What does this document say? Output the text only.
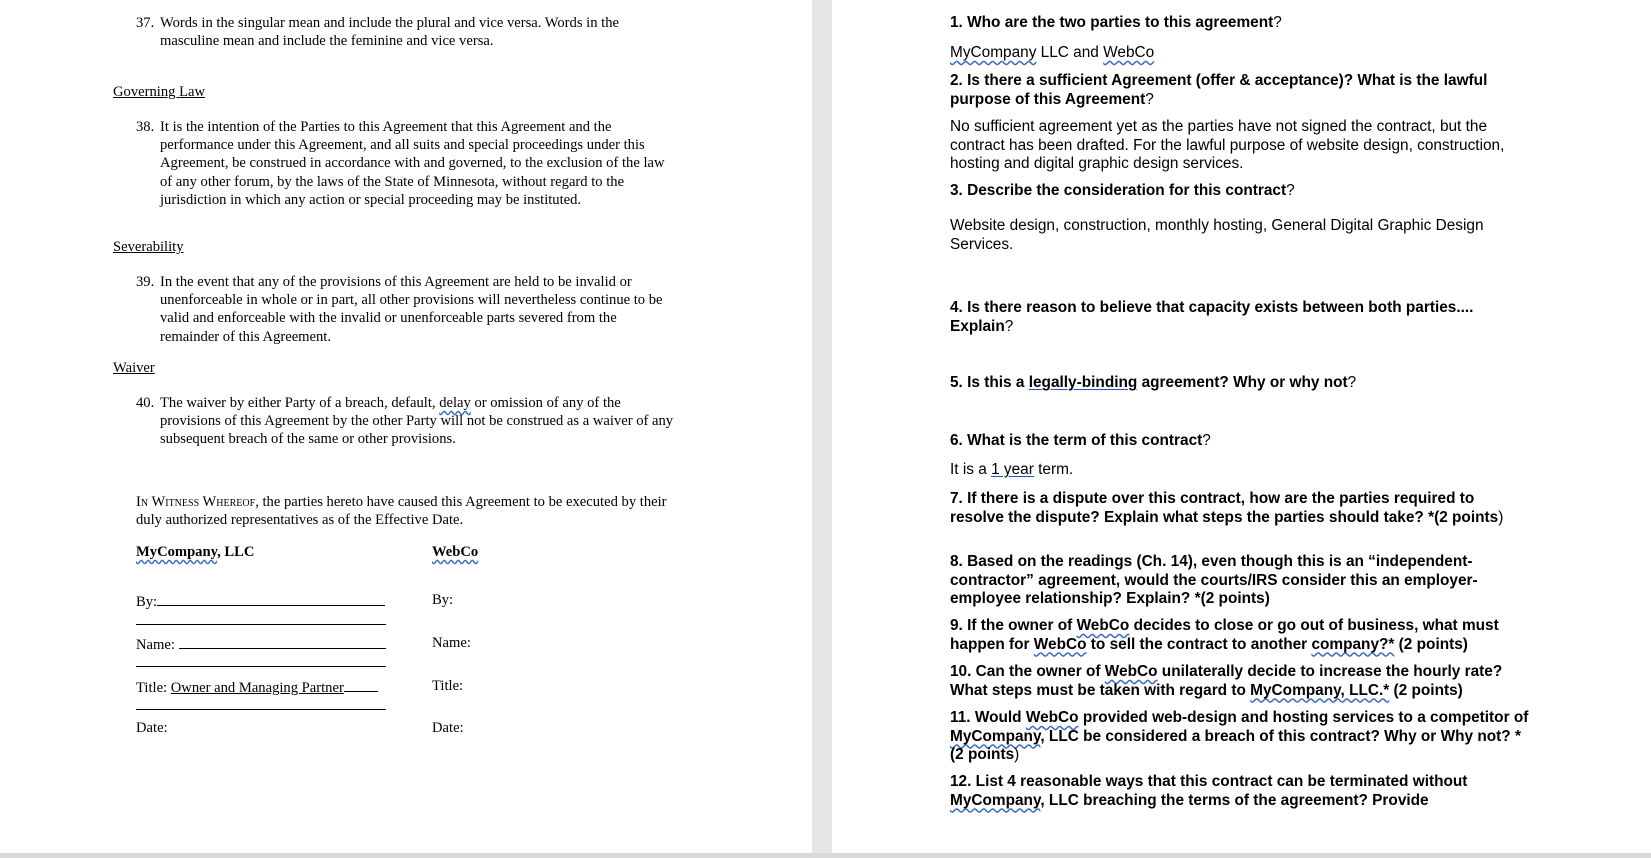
37. Words in the singular mean and include the plural and vice versa. Words in the masculine mean and include the feminine and vice versa.
Governing Law
38. It is the intention of the Parties to this Agreement that this Agreement and the performance under this Agreement, and all suits and special proceedings under this Agreement, be construed in accordance with and governed, to the exclusion of the law of any other forum, by the laws of the State of Minnesota, without regard to the jurisdiction in which any action or special proceeding may be instituted.
Severability
39. In the event that any of the provisions of this Agreement are held to be invalid or unenforceable in whole or in part, all other provisions will nevertheless continue to be valid and enforceable with the invalid or unenforceable parts severed from the remainder of this Agreement.
Waiver
40. The waiver by either Party of a breach, default, delay or omission of any of the provisions of this Agreement by the other Party will not be construed as a waiver of any subsequent breach of the same or other provisions.
In Witness Whereof, the parties hereto have caused this Agreement to be executed by their duly authorized representatives as of the Effective Date.
MyCompany, LLC	WebCo
By:
Name:
Title: Owner and Managing Partner
Date:
By:
Name:
Title:
Date:
1. Who are the two parties to this agreement?
MyCompany LLC and WebCo
2. Is there a sufficient Agreement (offer & acceptance)? What is the lawful purpose of this Agreement?
No sufficient agreement yet as the parties have not signed the contract, but the contract has been drafted. For the lawful purpose of website design, construction, hosting and digital graphic design services.
3. Describe the consideration for this contract?
Website design, construction, monthly hosting, General Digital Graphic Design Services.
4. Is there reason to believe that capacity exists between both parties.... Explain?
5. Is this a legally-binding agreement? Why or why not?
6. What is the term of this contract?
It is a 1 year term.
7. If there is a dispute over this contract, how are the parties required to resolve the dispute? Explain what steps the parties should take? *(2 points)
8. Based on the readings (Ch. 14), even though this is an “independent-contractor” agreement, would the courts/IRS consider this an employer-employee relationship? Explain? *(2 points)
9. If the owner of WebCo decides to close or go out of business, what must happen for WebCo to sell the contract to another company?* (2 points)
10. Can the owner of WebCo unilaterally decide to increase the hourly rate? What steps must be taken with regard to MyCompany, LLC.* (2 points)
11. Would WebCo provided web-design and hosting services to a competitor of MyCompany, LLC be considered a breach of this contract? Why or Why not? * (2 points)
12. List 4 reasonable ways that this contract can be terminated without MyCompany, LLC breaching the terms of the agreement? Provide
